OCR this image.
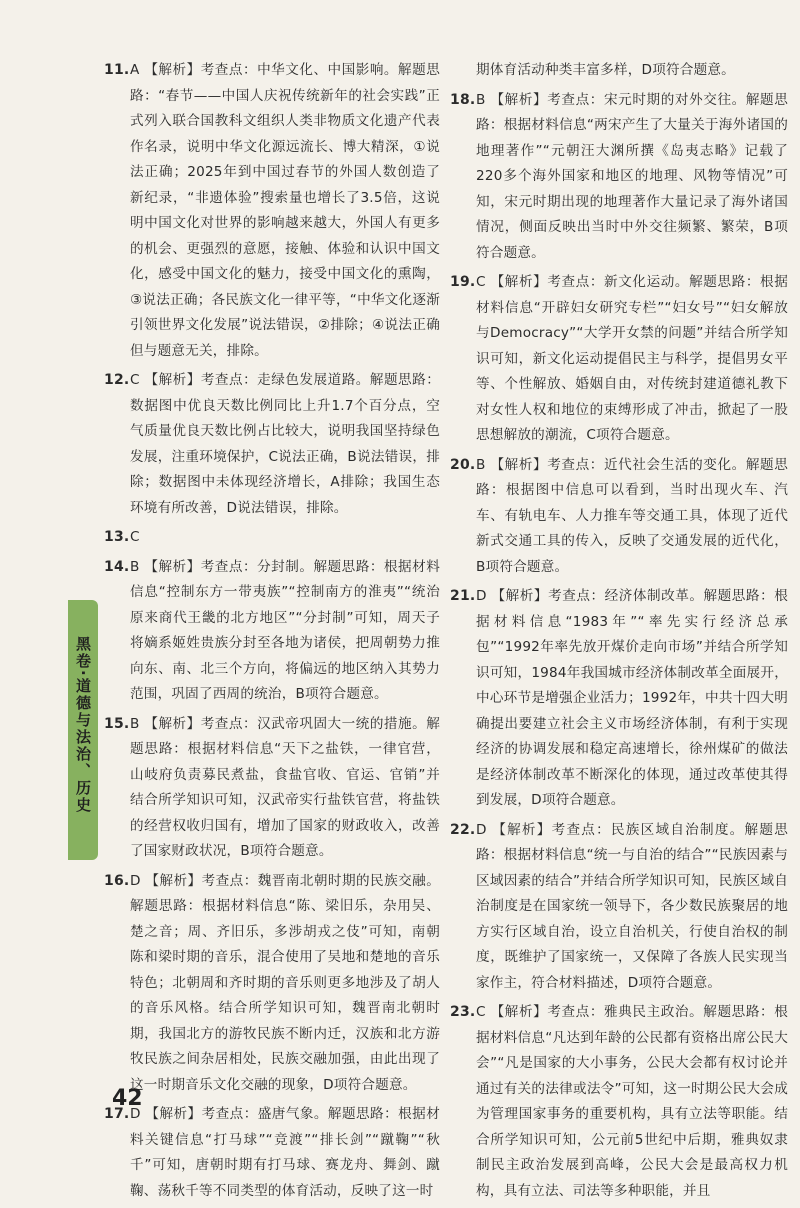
11. A 【解析】考查点：中华文化、中国影响。解题思路：“春节——中国人庆祝传统新年的社会实践”正式列入联合国教科文组织人类非物质文化遗产代表作名录，说明中华文化源远流长、博大精深，①说法正确；2025年到中国过春节的外国人数创造了新纪录，“非遗体验”搜索量也增长了3.5倍，这说明中国文化对世界的影响越来越大，外国人有更多的机会、更强烈的意愿，接触、体验和认识中国文化，感受中国文化的魅力，接受中国文化的熏陶，③说法正确；各民族文化一律平等，“中华文化逐渐引领世界文化发展”说法错误，②排除；④说法正确但与题意无关，排除。
12. C 【解析】考查点：走绿色发展道路。解题思路：数据图中优良天数比例同比上升1.7个百分点，空气质量优良天数比例占比较大，说明我国坚持绿色发展，注重环境保护，C说法正确，B说法错误，排除；数据图中未体现经济增长，A排除；我国生态环境有所改善，D说法错误，排除。
13. C
14. B 【解析】考查点：分封制。解题思路：根据材料信息“控制东方一带夷族”“控制南方的淮夷”“统治原来商代王畿的北方地区”“分封制”可知，周天子将嫡系姬姓贵族分封至各地为诸侯，把周朝势力推向东、南、北三个方向，将偏远的地区纳入其势力范围，巩固了西周的统治，B项符合题意。
15. B 【解析】考查点：汉武帝巩固大一统的措施。解题思路：根据材料信息“天下之盐铁，一律官营，山岐府负责募民煮盐，食盐官收、官运、官销”并结合所学知识可知，汉武帝实行盐铁官营，将盐铁的经营权收归国有，增加了国家的财政收入，改善了国家财政状况，B项符合题意。
16. D 【解析】考查点：魏晋南北朝时期的民族交融。解题思路：根据材料信息“陈、梁旧乐，杂用吴、楚之音；周、齐旧乐，多涉胡戎之伎”可知，南朝陈和梁时期的音乐，混合使用了吴地和楚地的音乐特色；北朝周和齐时期的音乐则更多地涉及了胡人的音乐风格。结合所学知识可知，魏晋南北朝时期，我国北方的游牧民族不断内迁，汉族和北方游牧民族之间杂居相处，民族交融加强，由此出现了这一时期音乐文化交融的现象，D项符合题意。
17. D 【解析】考查点：盛唐气象。解题思路：根据材料关键信息“打马球”“竞渡”“排长剑”“蹴鞠”“秋千”可知，唐朝时期有打马球、赛龙舟、舞剑、蹴鞠、荡秋千等不同类型的体育活动，反映了这一时
期体育活动种类丰富多样，D项符合题意。
18. B 【解析】考查点：宋元时期的对外交往。解题思路：根据材料信息“两宋产生了大量关于海外诸国的地理著作”“元朝汪大渊所撰《岛夷志略》记载了220多个海外国家和地区的地理、风物等情况”可知，宋元时期出现的地理著作大量记录了海外诸国情况，侧面反映出当时中外交往频繁、繁荣，B项符合题意。
19. C 【解析】考查点：新文化运动。解题思路：根据材料信息“开辟妇女研究专栏”“妇女号”“妇女解放与Democracy”“大学开女禁的问题”并结合所学知识可知，新文化运动提倡民主与科学，提倡男女平等、个性解放、婚姻自由，对传统封建道德礼教下对女性人权和地位的束缚形成了冲击，掀起了一股思想解放的潮流，C项符合题意。
20. B 【解析】考查点：近代社会生活的变化。解题思路：根据图中信息可以看到，当时出现火车、汽车、有轨电车、人力推车等交通工具，体现了近代新式交通工具的传入，反映了交通发展的近代化，B项符合题意。
21. D 【解析】考查点：经济体制改革。解题思路：根据材料信息“1983年”“率先实行经济总承包”“1992年率先放开煤价走向市场”并结合所学知识可知，1984年我国城市经济体制改革全面展开，中心环节是增强企业活力；1992年，中共十四大明确提出要建立社会主义市场经济体制，有利于实现经济的协调发展和稳定高速增长，徐州煤矿的做法是经济体制改革不断深化的体现，通过改革使其得到发展，D项符合题意。
22. D 【解析】考查点：民族区域自治制度。解题思路：根据材料信息“统一与自治的结合”“民族因素与区域因素的结合”并结合所学知识可知，民族区域自治制度是在国家统一领导下，各少数民族聚居的地方实行区域自治，设立自治机关，行使自治权的制度，既维护了国家统一，又保障了各族人民实现当家作主，符合材料描述，D项符合题意。
23. C 【解析】考查点：雅典民主政治。解题思路：根据材料信息“凡达到年龄的公民都有资格出席公民大会”“凡是国家的大小事务，公民大会都有权讨论并通过有关的法律或法令”可知，这一时期公民大会成为管理国家事务的重要机构，具有立法等职能。结合所学知识可知，公元前5世纪中后期，雅典奴隶制民主政治发展到高峰，公民大会是最高权力机构，具有立法、司法等多种职能，并且
黑卷·道德与法治、历史
42
